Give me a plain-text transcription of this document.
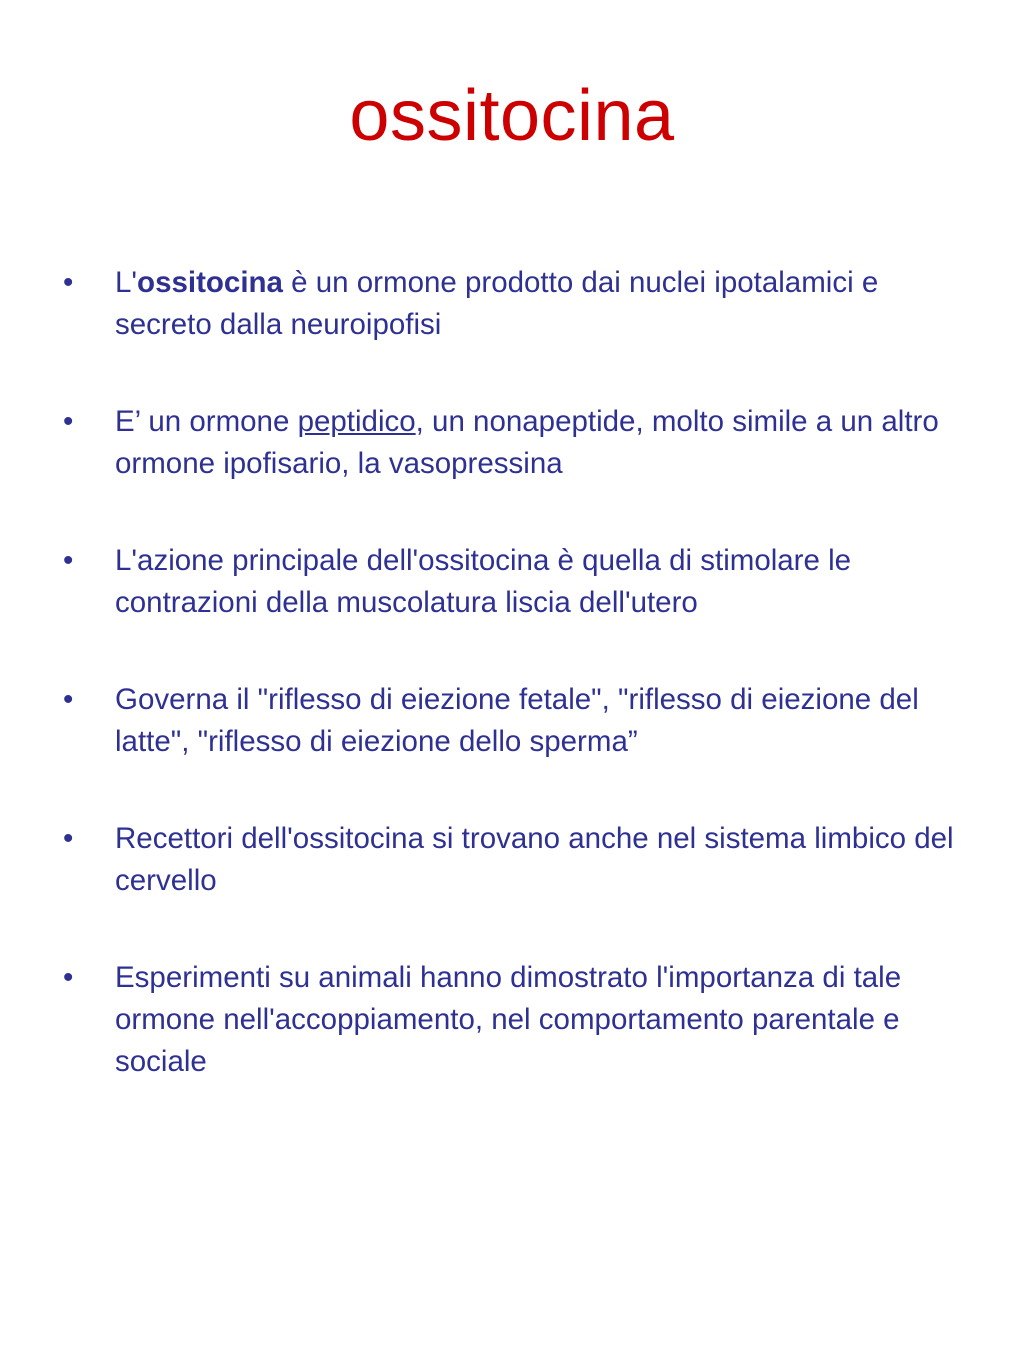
ossitocina
• L'ossitocina è un ormone prodotto dai nuclei ipotalamici e secreto dalla neuroipofisi
• E’ un ormone peptidico, un nonapeptide, molto simile a un altro ormone ipofisario, la vasopressina
• L'azione principale dell'ossitocina è quella di stimolare le contrazioni della muscolatura liscia dell'utero
• Governa il "riflesso di eiezione fetale", "riflesso di eiezione del latte", "riflesso di eiezione dello sperma”
• Recettori dell'ossitocina si trovano anche nel sistema limbico del cervello
• Esperimenti su animali hanno dimostrato l'importanza di tale ormone nell'accoppiamento, nel comportamento parentale e sociale
